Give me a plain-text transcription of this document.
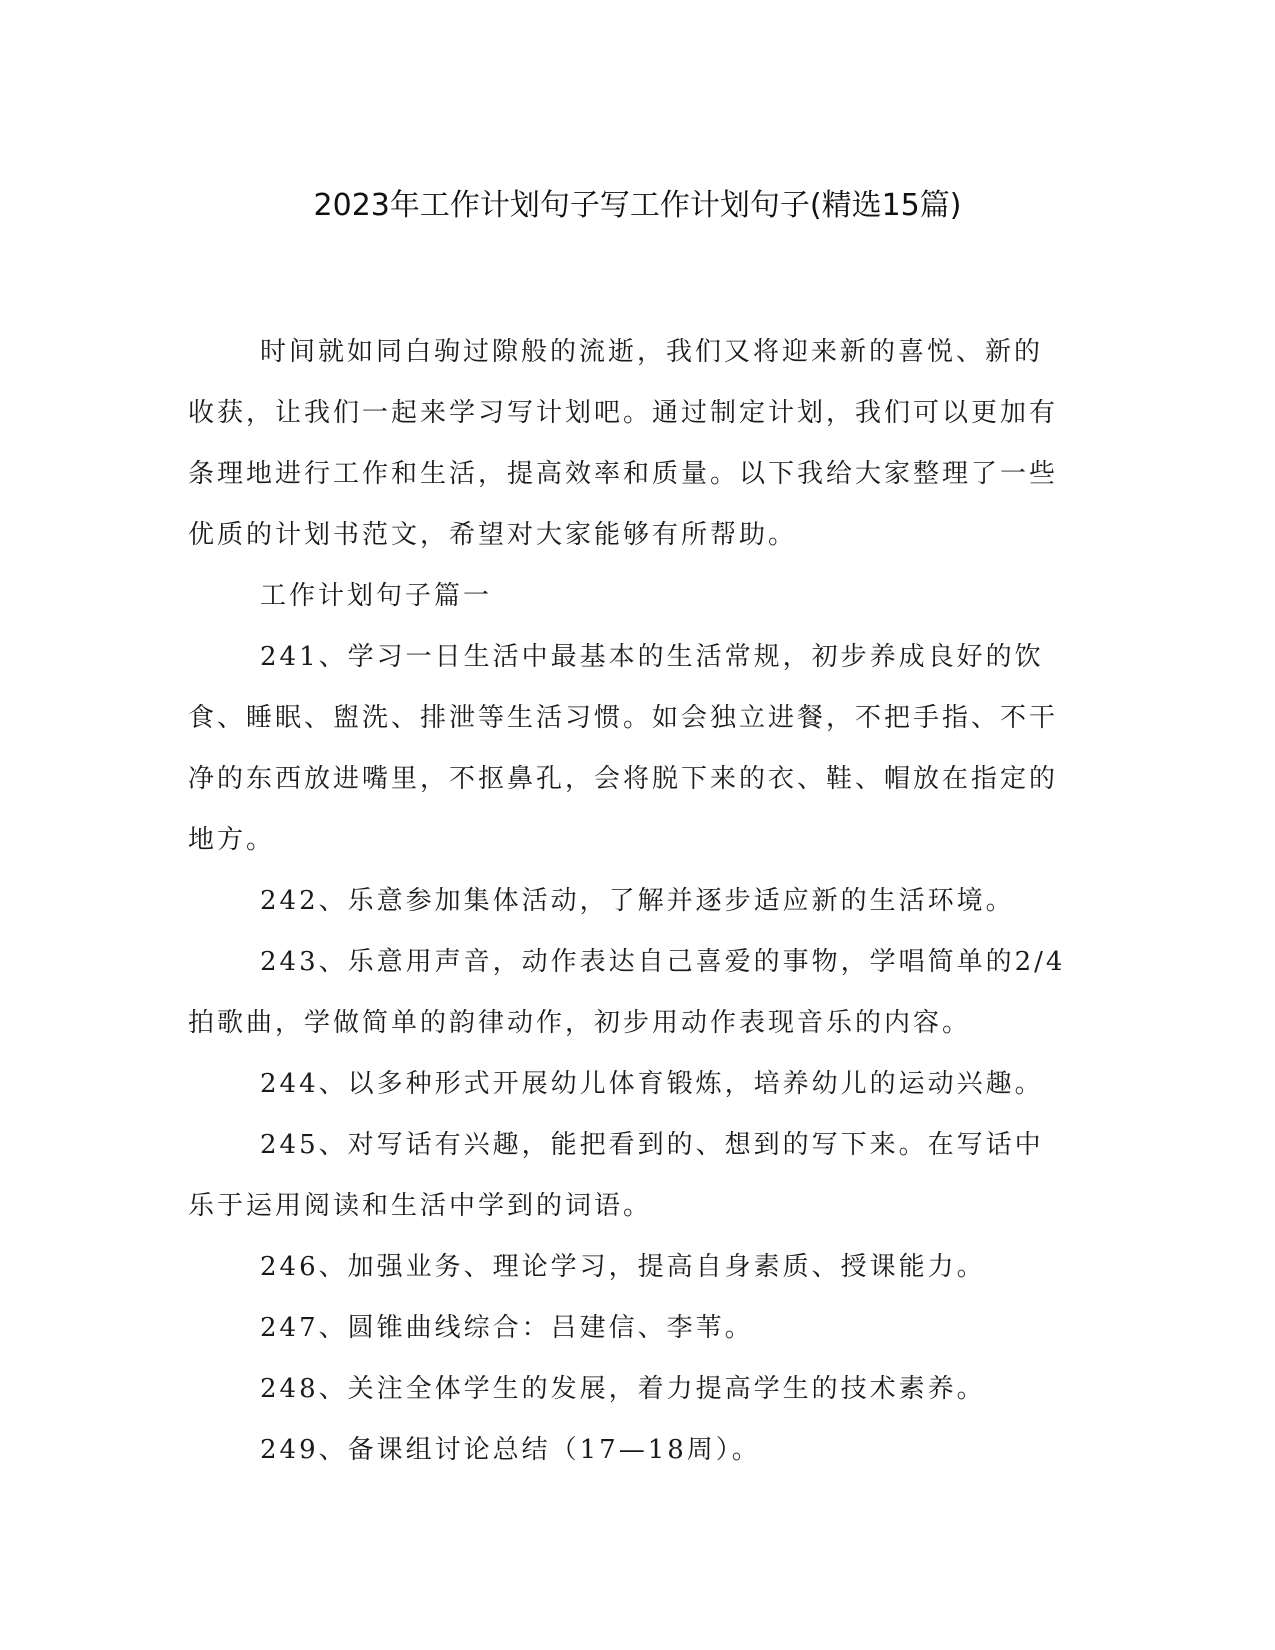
2023年工作计划句子写工作计划句子(精选15篇)

时间就如同白驹过隙般的流逝，我们又将迎来新的喜悦、新的收获，让我们一起来学习写计划吧。通过制定计划，我们可以更加有条理地进行工作和生活，提高效率和质量。以下我给大家整理了一些优质的计划书范文，希望对大家能够有所帮助。

工作计划句子篇一

241、学习一日生活中最基本的生活常规，初步养成良好的饮食、睡眠、盥洗、排泄等生活习惯。如会独立进餐，不把手指、不干净的东西放进嘴里，不抠鼻孔，会将脱下来的衣、鞋、帽放在指定的地方。

242、乐意参加集体活动，了解并逐步适应新的生活环境。

243、乐意用声音，动作表达自己喜爱的事物，学唱简单的2/4拍歌曲，学做简单的韵律动作，初步用动作表现音乐的内容。

244、以多种形式开展幼儿体育锻炼，培养幼儿的运动兴趣。

245、对写话有兴趣，能把看到的、想到的写下来。在写话中乐于运用阅读和生活中学到的词语。

246、加强业务、理论学习，提高自身素质、授课能力。

247、圆锥曲线综合：吕建信、李苇。

248、关注全体学生的发展，着力提高学生的技术素养。

249、备课组讨论总结（17—18周）。
